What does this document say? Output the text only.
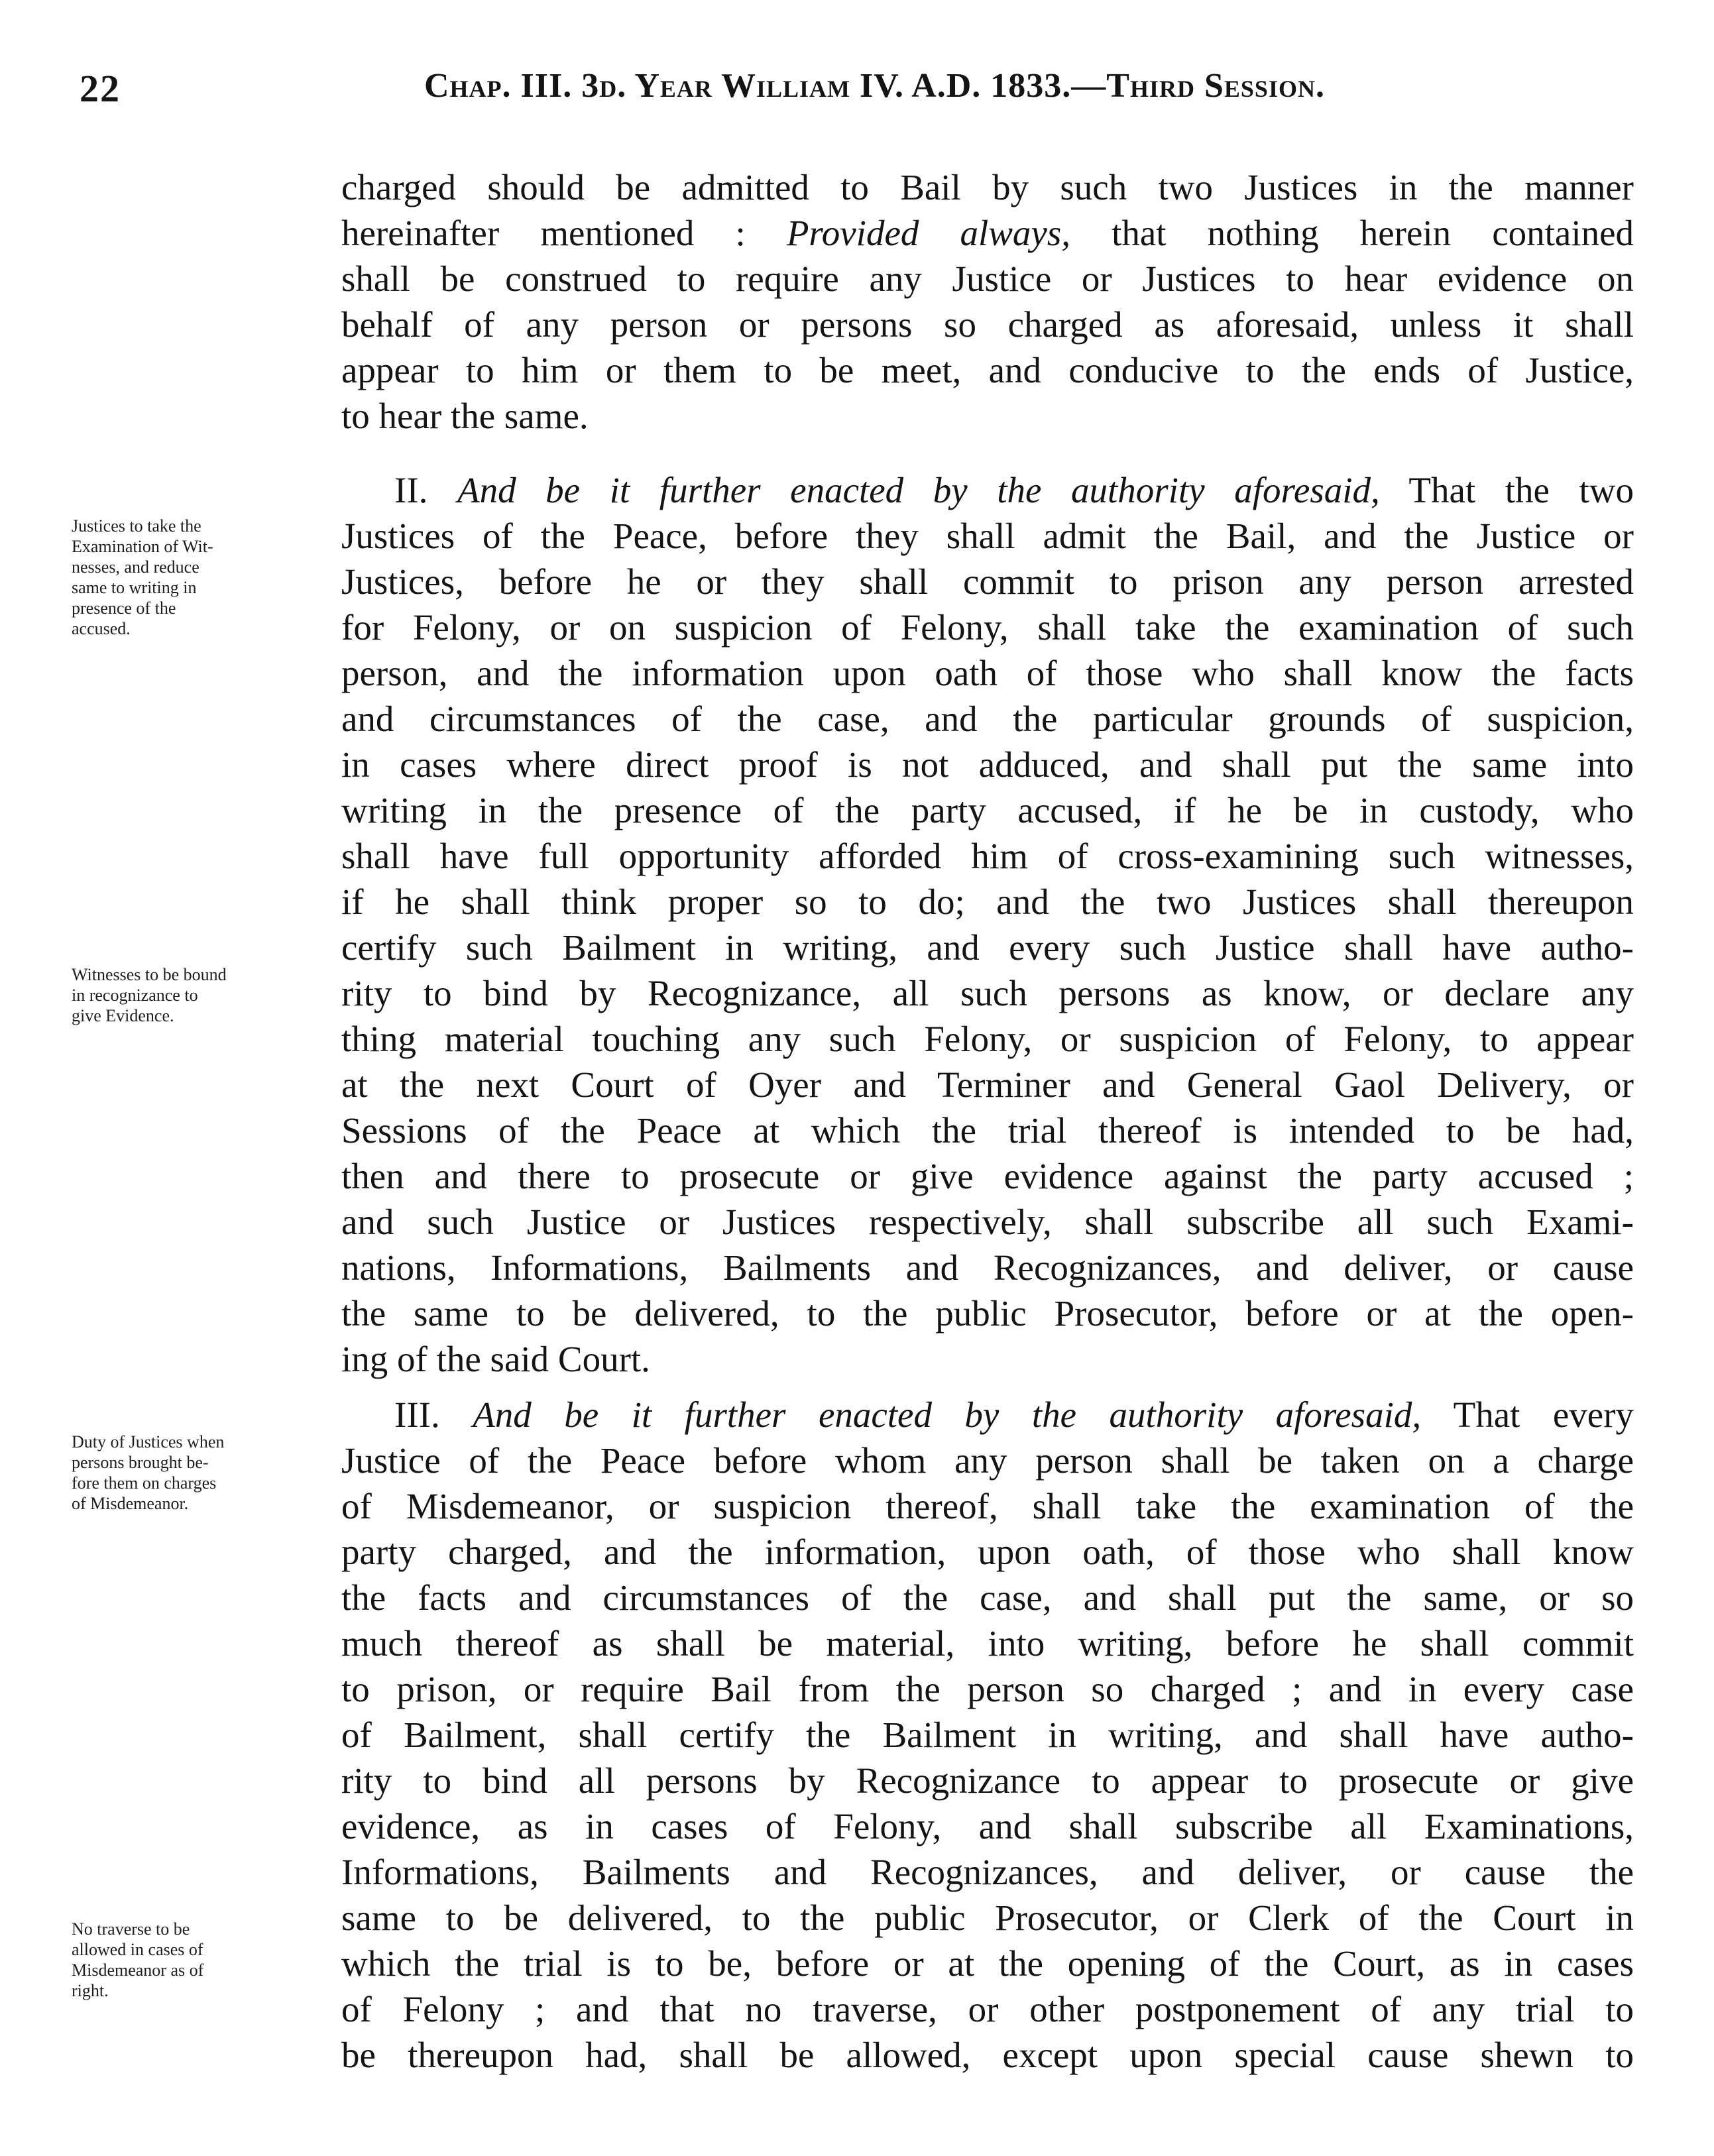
22	Chap. III. 3d. Year William IV. A.D. 1833.—Third Session.
charged should be admitted to Bail by such two Justices in the manner
hereinafter mentioned : Provided always, that nothing herein contained
shall be construed to require any Justice or Justices to hear evidence on
behalf of any person or persons so charged as aforesaid, unless it shall
appear to him or them to be meet, and conducive to the ends of Justice,
to hear the same.
II. And be it further enacted by the authority aforesaid, That the two
Justices of the Peace, before they shall admit the Bail, and the Justice or
Justices, before he or they shall commit to prison any person arrested
for Felony, or on suspicion of Felony, shall take the examination of such
person, and the information upon oath of those who shall know the facts
and circumstances of the case, and the particular grounds of suspicion,
in cases where direct proof is not adduced, and shall put the same into
writing in the presence of the party accused, if he be in custody, who
shall have full opportunity afforded him of cross-examining such witnesses,
if he shall think proper so to do; and the two Justices shall thereupon
certify such Bailment in writing, and every such Justice shall have autho-
rity to bind by Recognizance, all such persons as know, or declare any
thing material touching any such Felony, or suspicion of Felony, to appear
at the next Court of Oyer and Terminer and General Gaol Delivery, or
Sessions of the Peace at which the trial thereof is intended to be had,
then and there to prosecute or give evidence against the party accused ;
and such Justice or Justices respectively, shall subscribe all such Exami-
nations, Informations, Bailments and Recognizances, and deliver, or cause
the same to be delivered, to the public Prosecutor, before or at the open-
ing of the said Court.
III. And be it further enacted by the authority aforesaid, That every
Justice of the Peace before whom any person shall be taken on a charge
of Misdemeanor, or suspicion thereof, shall take the examination of the
party charged, and the information, upon oath, of those who shall know
the facts and circumstances of the case, and shall put the same, or so
much thereof as shall be material, into writing, before he shall commit
to prison, or require Bail from the person so charged ; and in every case
of Bailment, shall certify the Bailment in writing, and shall have autho-
rity to bind all persons by Recognizance to appear to prosecute or give
evidence, as in cases of Felony, and shall subscribe all Examinations,
Informations, Bailments and Recognizances, and deliver, or cause the
same to be delivered, to the public Prosecutor, or Clerk of the Court in
which the trial is to be, before or at the opening of the Court, as in cases
of Felony ; and that no traverse, or other postponement of any trial to
be thereupon had, shall be allowed, except upon special cause shewn to
Justices to take the
Examination of Wit-
nesses, and reduce
same to writing in
presence of the
accused.
Witnesses to be bound
in recognizance to
give Evidence.
Duty of Justices when
persons brought be-
fore them on charges
of Misdemeanor.
No traverse to be
allowed in cases of
Misdemeanor as of
right.
